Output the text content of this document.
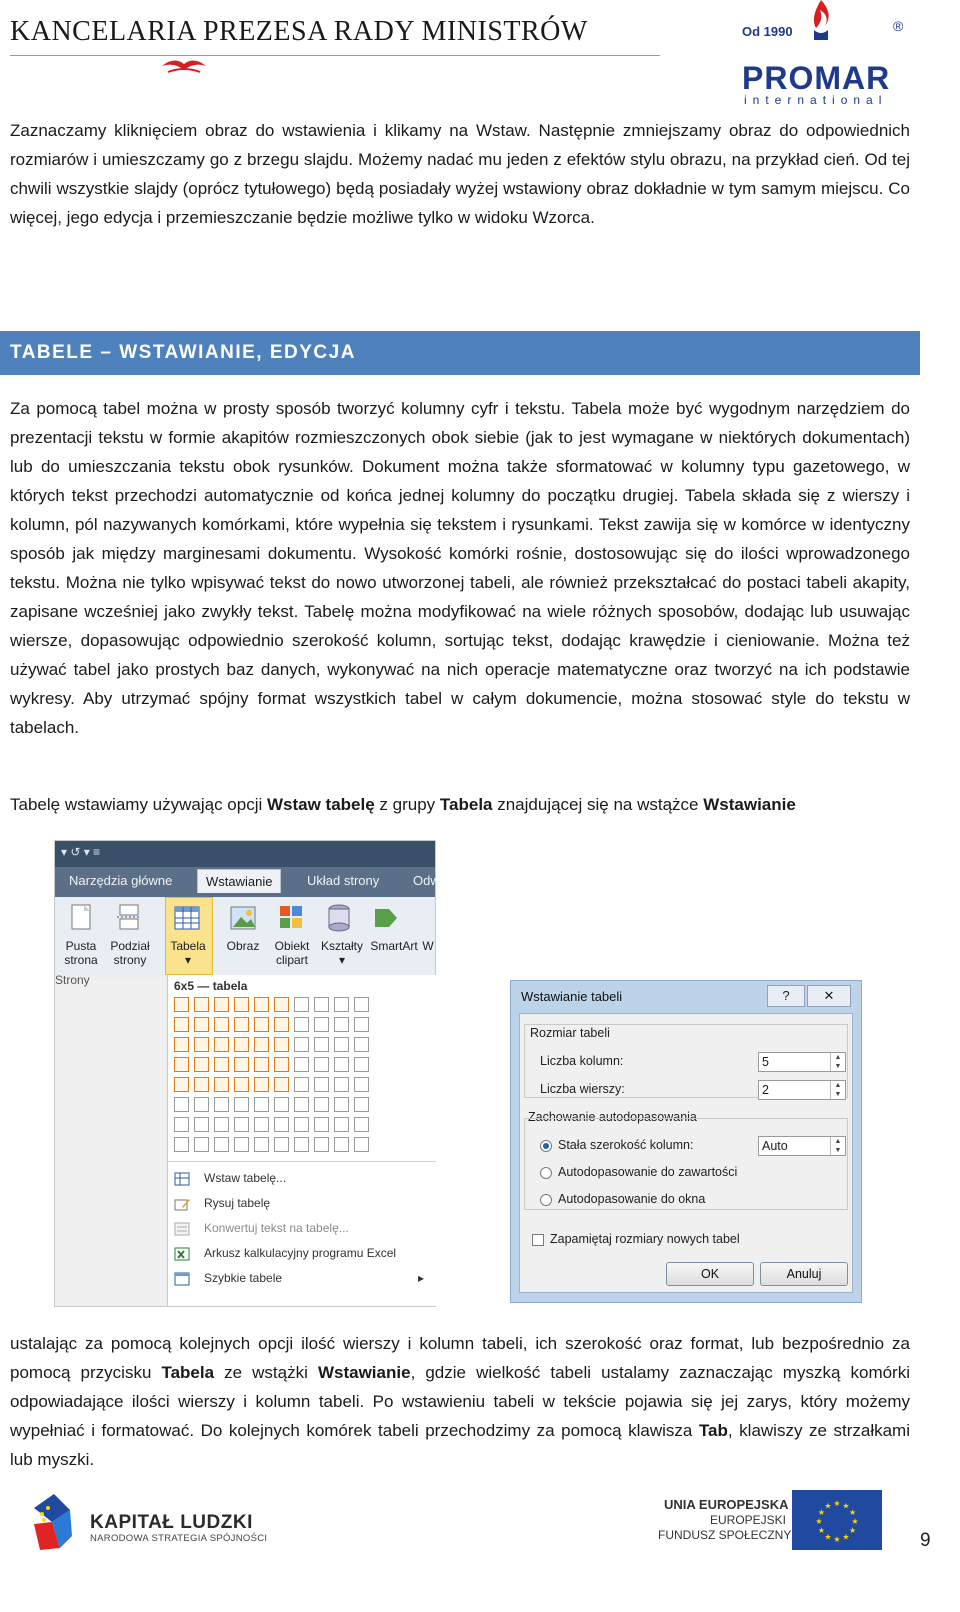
KANCELARIA PREZESA RADY MINISTRÓW	Od 1990	®
PROMAR
international

Zaznaczamy kliknięciem obraz do wstawienia i klikamy na Wstaw. Następnie zmniejszamy obraz do odpowiednich rozmiarów i umieszczamy go z brzegu slajdu. Możemy nadać mu jeden z efektów stylu obrazu, na przykład cień. Od tej chwili wszystkie slajdy (oprócz tytułowego) będą posiadały wyżej wstawiony obraz dokładnie w tym samym miejscu. Co więcej, jego edycja i przemieszczanie będzie możliwe tylko w widoku Wzorca.

TABELE – WSTAWIANIE, EDYCJA

Za pomocą tabel można w prosty sposób tworzyć kolumny cyfr i tekstu. Tabela może być wygodnym narzędziem do prezentacji tekstu w formie akapitów rozmieszczonych obok siebie (jak to jest wymagane w niektórych dokumentach) lub do umieszczania tekstu obok rysunków. Dokument można także sformatować w kolumny typu gazetowego, w których tekst przechodzi automatycznie od końca jednej kolumny do początku drugiej. Tabela składa się z wierszy i kolumn, pól nazywanych komórkami, które wypełnia się tekstem i rysunkami. Tekst zawija się w komórce w identyczny sposób jak między marginesami dokumentu. Wysokość komórki rośnie, dostosowując się do ilości wprowadzonego tekstu. Można nie tylko wpisywać tekst do nowo utworzonej tabeli, ale również przekształcać do postaci tabeli akapity, zapisane wcześniej jako zwykły tekst. Tabelę można modyfikować na wiele różnych sposobów, dodając lub usuwając wiersze, dopasowując odpowiednio szerokość kolumn, sortując tekst, dodając krawędzie i cieniowanie. Można też używać tabel jako prostych baz danych, wykonywać na nich operacje matematyczne oraz tworzyć na ich podstawie wykresy. Aby utrzymać spójny format wszystkich tabel w całym dokumencie, można stosować style do tekstu w tabelach.

Tabelę wstawiamy używając opcji Wstaw tabelę z grupy Tabela znajdującej się na wstążce Wstawianie

▾ ↺ ▾ ≡
Narzędzia główne	Wstawianie	Układ strony	Odw
Pusta
strona
Podział
strony
Tabela
▾
Obraz	Obiekt
clipart
Kształty
▾
SmartArt W

Strony	6x5 — tabela
Wstaw tabelę...
Rysuj tabelę
Konwertuj tekst na tabelę...
Arkusz kalkulacyjny programu Excel
Szybkie tabele	▸
Wstawianie tabeli	?	✕
Rozmiar tabeli
Liczba kolumn:	5	▲
▼
Liczba wierszy:	2	▲
▼
Zachowanie autodopasowania
Stała szerokość kolumn:	Auto	▲
▼
Autodopasowanie do zawartości
Autodopasowanie do okna
Zapamiętaj rozmiary nowych tabel
OK	Anuluj

ustalając za pomocą kolejnych opcji ilość wierszy i kolumn tabeli, ich szerokość oraz format, lub bezpośrednio za pomocą przycisku Tabela ze wstążki Wstawianie, gdzie wielkość tabeli ustalamy zaznaczając myszką komórki odpowiadające ilości wierszy i kolumn tabeli. Po wstawieniu tabeli w tekście pojawia się jej zarys, który możemy wypełniać i formatować. Do kolejnych komórek tabeli przechodzimy za pomocą klawisza Tab, klawiszy ze strzałkami lub myszki.

KAPITAŁ LUDZKI
NARODOWA STRATEGIA SPÓJNOŚCI
UNIA EUROPEJSKA
EUROPEJSKI
FUNDUSZ SPOŁECZNY
★
★
★
★
★
★
★
★
★ ★ ★
★
9
